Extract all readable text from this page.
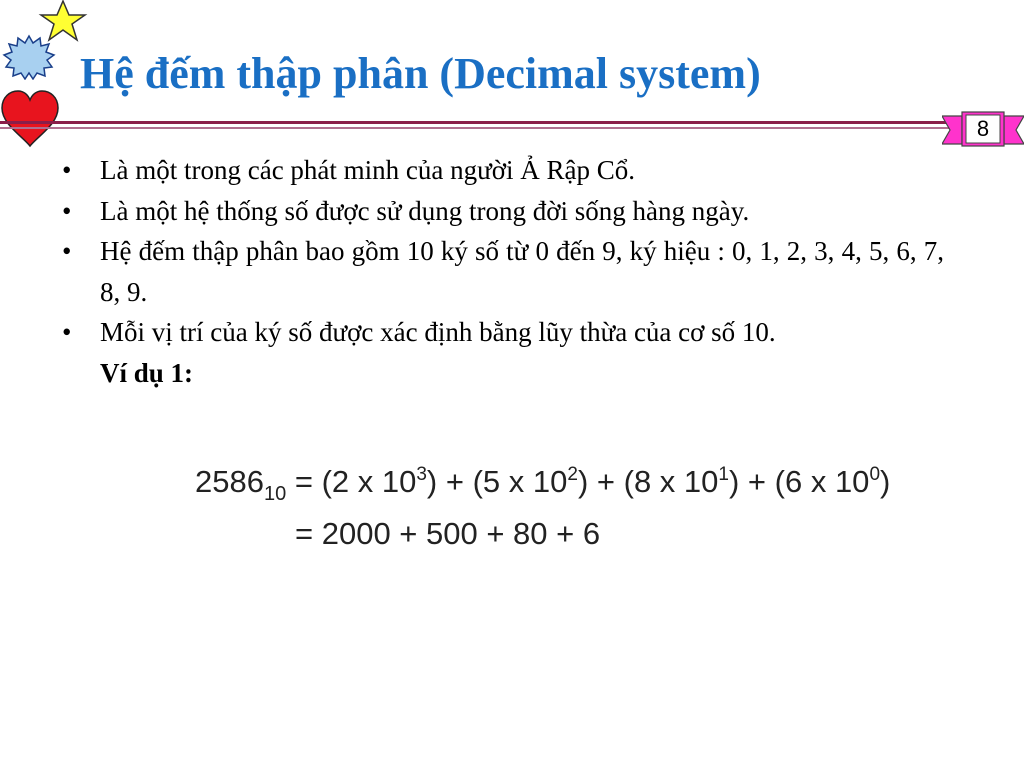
Hệ đếm thập phân (Decimal system)
8
• Là một trong các phát minh của người Ả Rập Cổ.
• Là một hệ thống số được sử dụng trong đời sống hàng ngày.
• Hệ đếm thập phân bao gồm 10 ký số từ 0 đến 9, ký hiệu : 0, 1, 2, 3, 4, 5, 6, 7, 8, 9.
• Mỗi vị trí của ký số được xác định bằng lũy thừa của cơ số 10.
Ví dụ 1:
$2586_{10} = (2$ x $10^3) + (5$ x $10^2) + (8$ x $10^1) + (6$ x $10^0$)
= 2000 + 500 + 80 + 6
